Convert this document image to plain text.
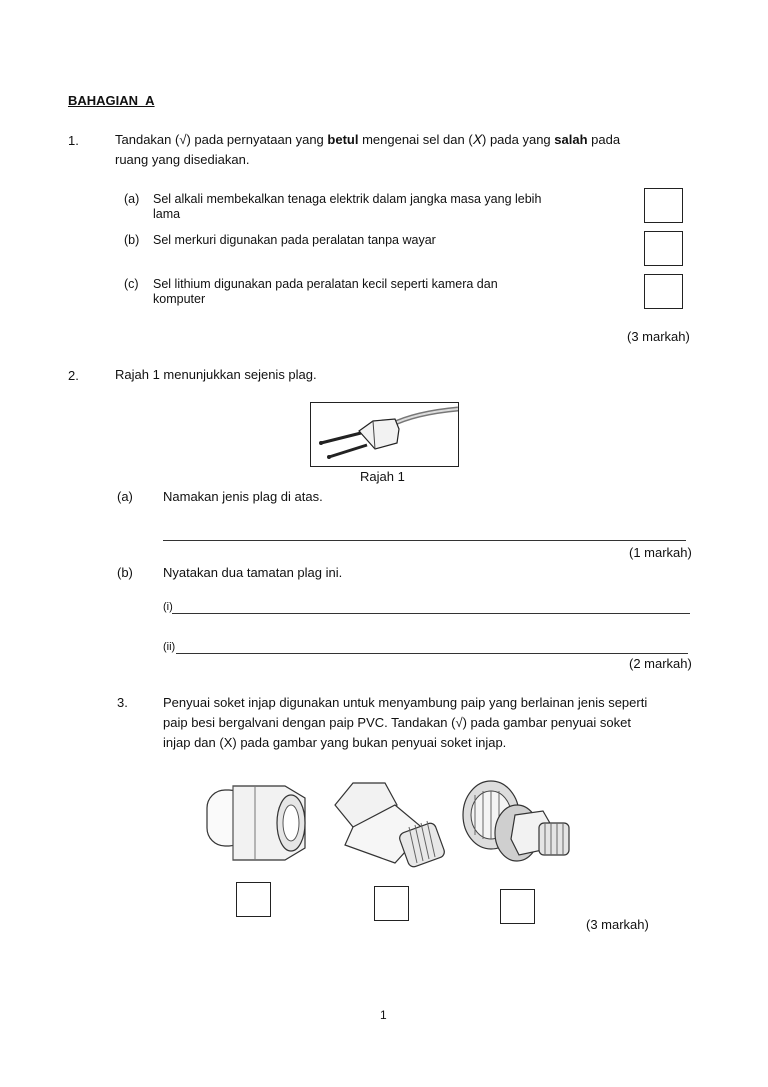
BAHAGIAN A
1.	Tandakan (√) pada pernyataan yang betul mengenai sel dan (𝑋) pada yang salah pada
ruang yang disediakan.
(a) Sel alkali membekalkan tenaga elektrik dalam jangka masa yang lebih
lama
(b) Sel merkuri digunakan pada peralatan tanpa wayar
(c) Sel lithium digunakan pada peralatan kecil seperti kamera dan
komputer
(3 markah)
2.	Rajah 1 menunjukkan sejenis plag.
Rajah 1
(a) Namakan jenis plag di atas.
(1 markah)
(b) Nyatakan dua tamatan plag ini.
(i)
(ii)
(2 markah)
3.	Penyuai soket injap digunakan untuk menyambung paip yang berlainan jenis seperti
paip besi bergalvani dengan paip PVC. Tandakan (√) pada gambar penyuai soket
injap dan (X) pada gambar yang bukan penyuai soket injap.
(3 markah)
1
